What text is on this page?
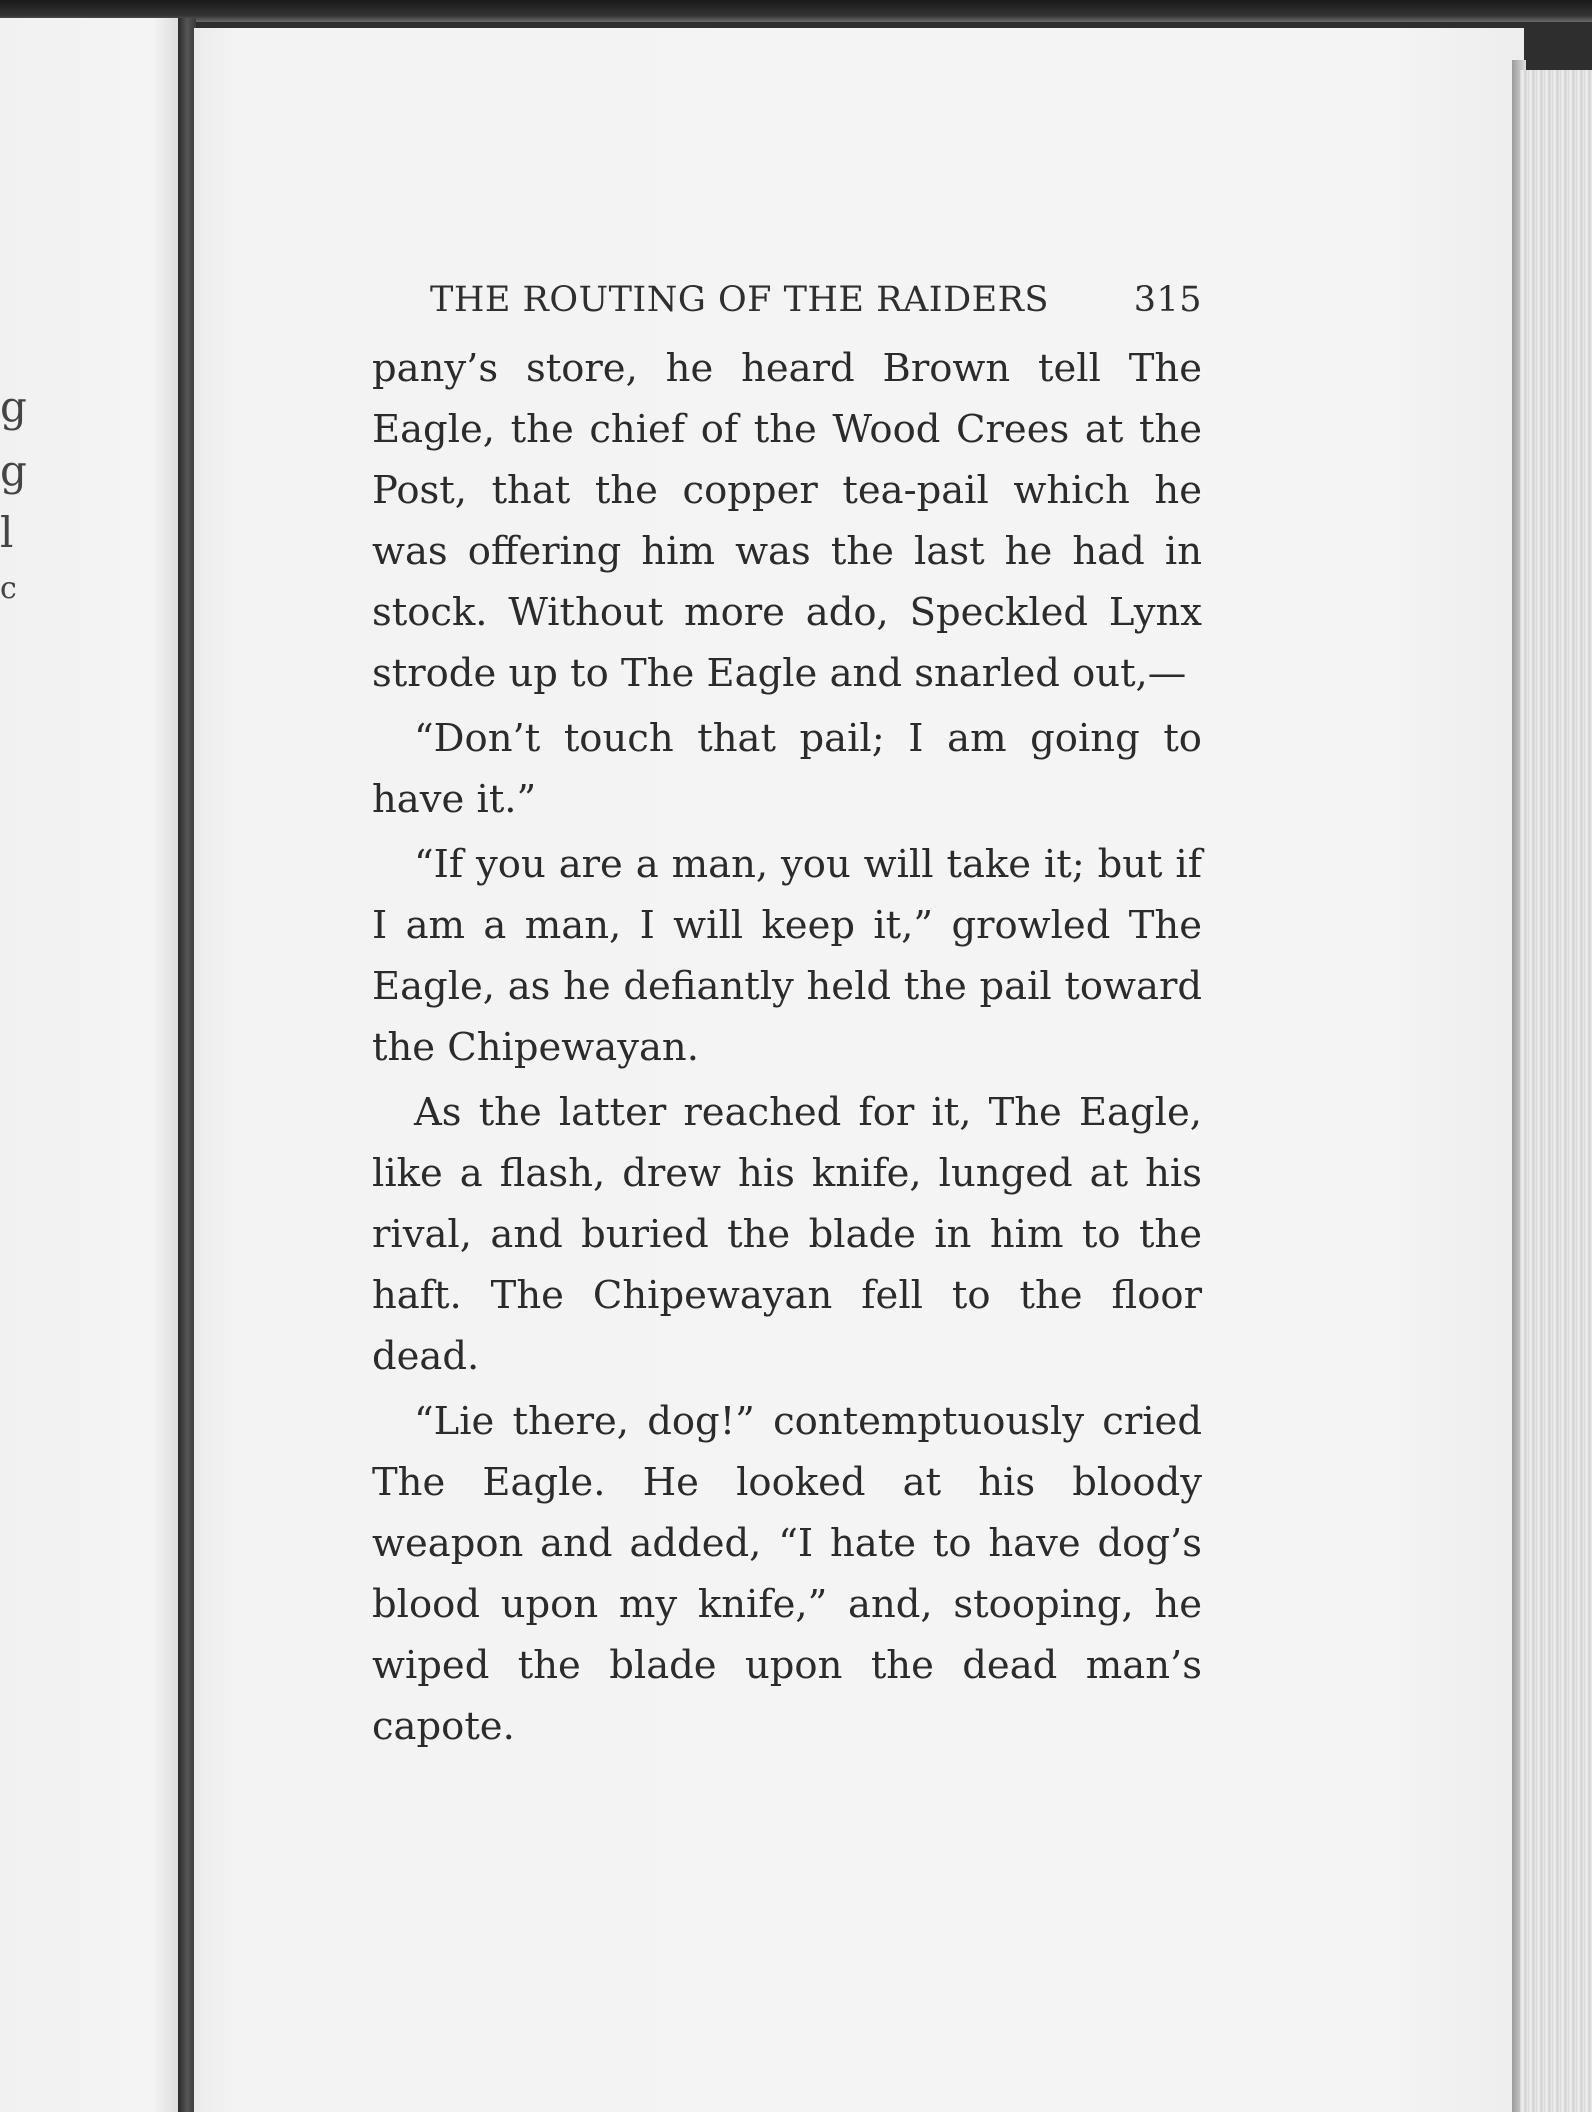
g
g
l
c
THE ROUTING OF THE RAIDERS 315

pany’s store, he heard Brown tell The Eagle, the chief of the Wood Crees at the Post, that the copper tea-pail which he was offering him was the last he had in stock. Without more ado, Speckled Lynx strode up to The Eagle and snarled out,—

“Don’t touch that pail; I am going to have it.”

“If you are a man, you will take it; but if I am a man, I will keep it,” growled The Eagle, as he defiantly held the pail toward the Chipewayan.

As the latter reached for it, The Eagle, like a flash, drew his knife, lunged at his rival, and buried the blade in him to the haft. The Chipewayan fell to the floor dead.

“Lie there, dog!” contemptuously cried The Eagle. He looked at his bloody weapon and added, “I hate to have dog’s blood upon my knife,” and, stooping, he wiped the blade upon the dead man’s capote.
